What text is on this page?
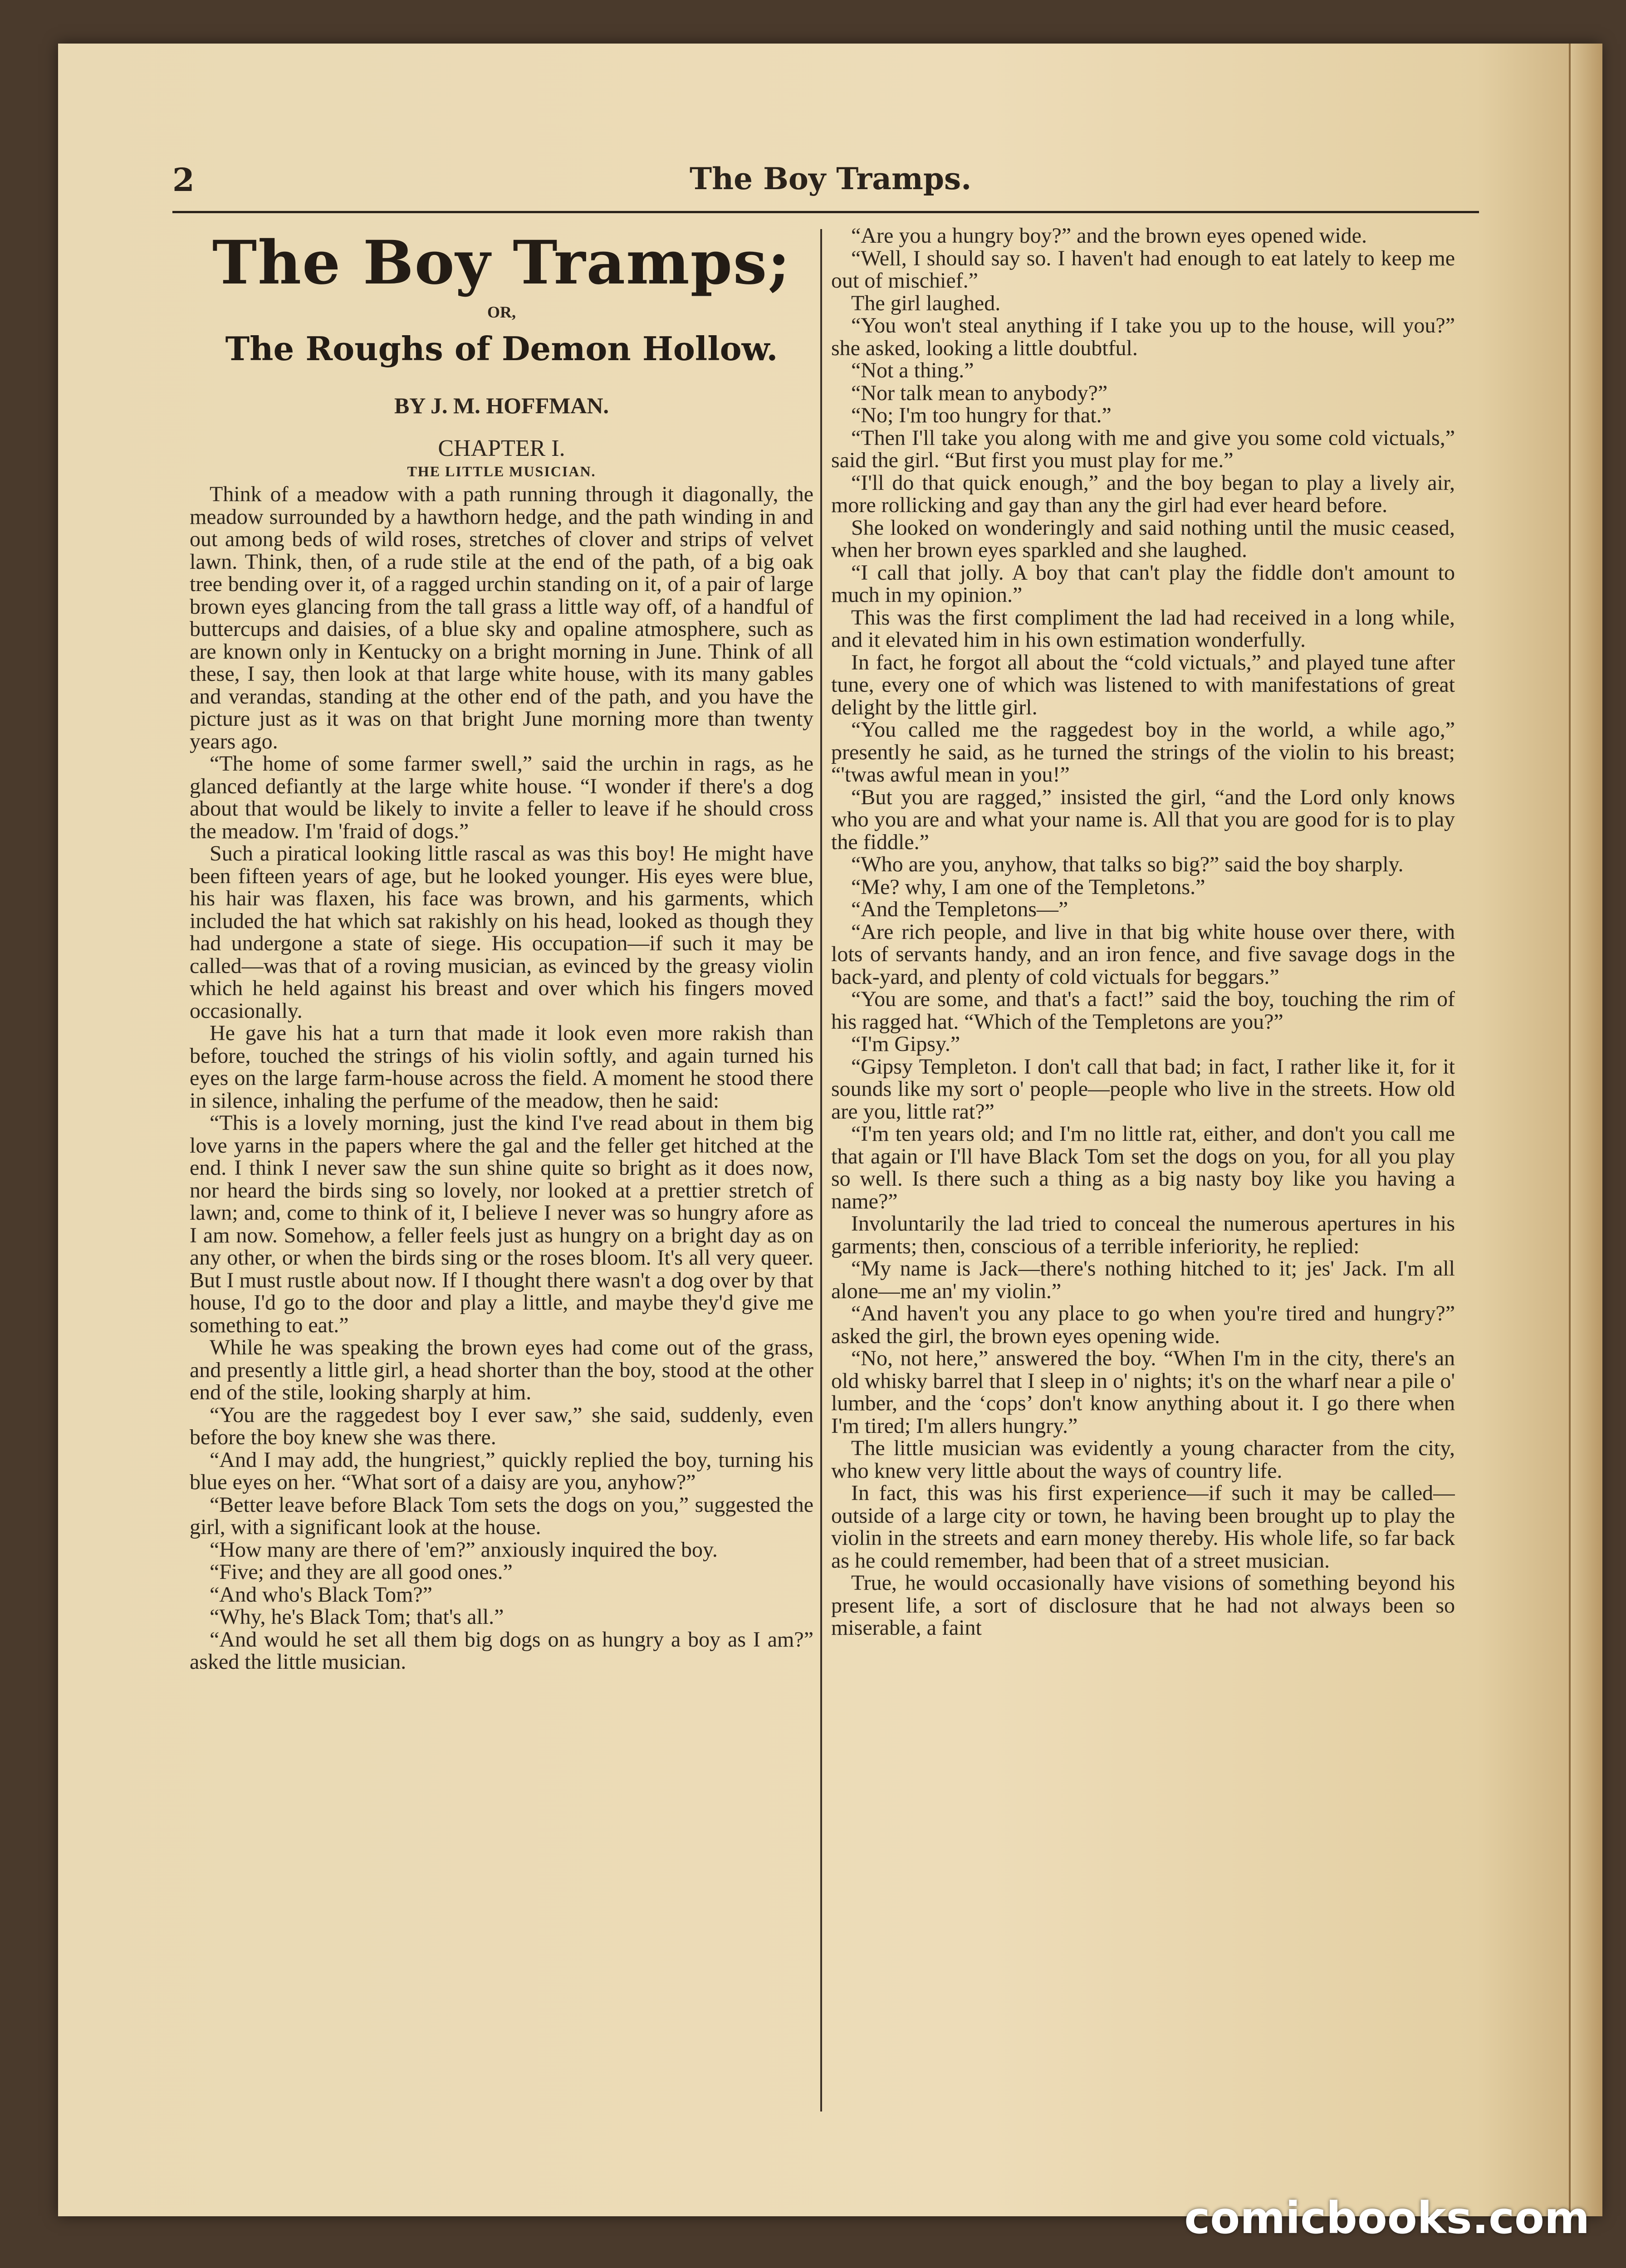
2	The Boy Tramps.
The Boy Tramps;
OR,
The Roughs of Demon Hollow.
BY J. M. HOFFMAN.
CHAPTER I.
THE LITTLE MUSICIAN.

Think of a meadow with a path running through it diagonally, the meadow surrounded by a hawthorn hedge, and the path winding in and out among beds of wild roses, stretches of clover and strips of velvet lawn. Think, then, of a rude stile at the end of the path, of a big oak tree bending over it, of a ragged urchin standing on it, of a pair of large brown eyes glancing from the tall grass a little way off, of a handful of buttercups and daisies, of a blue sky and opaline atmosphere, such as are known only in Kentucky on a bright morning in June. Think of all these, I say, then look at that large white house, with its many gables and verandas, standing at the other end of the path, and you have the picture just as it was on that bright June morning more than twenty years ago.

“The home of some farmer swell,” said the urchin in rags, as he glanced defiantly at the large white house. “I wonder if there's a dog about that would be likely to invite a feller to leave if he should cross the meadow. I'm 'fraid of dogs.”

Such a piratical looking little rascal as was this boy! He might have been fifteen years of age, but he looked younger. His eyes were blue, his hair was flaxen, his face was brown, and his garments, which included the hat which sat rakishly on his head, looked as though they had undergone a state of siege. His occupation—if such it may be called—was that of a roving musician, as evinced by the greasy violin which he held against his breast and over which his fingers moved occasionally.

He gave his hat a turn that made it look even more rakish than before, touched the strings of his violin softly, and again turned his eyes on the large farm-house across the field. A moment he stood there in silence, inhaling the perfume of the meadow, then he said:

“This is a lovely morning, just the kind I've read about in them big love yarns in the papers where the gal and the feller get hitched at the end. I think I never saw the sun shine quite so bright as it does now, nor heard the birds sing so lovely, nor looked at a prettier stretch of lawn; and, come to think of it, I believe I never was so hungry afore as I am now. Somehow, a feller feels just as hungry on a bright day as on any other, or when the birds sing or the roses bloom. It's all very queer. But I must rustle about now. If I thought there wasn't a dog over by that house, I'd go to the door and play a little, and maybe they'd give me something to eat.”

While he was speaking the brown eyes had come out of the grass, and presently a little girl, a head shorter than the boy, stood at the other end of the stile, looking sharply at him.

“You are the raggedest boy I ever saw,” she said, suddenly, even before the boy knew she was there.

“And I may add, the hungriest,” quickly replied the boy, turning his blue eyes on her. “What sort of a daisy are you, anyhow?”

“Better leave before Black Tom sets the dogs on you,” suggested the girl, with a significant look at the house.

“How many are there of 'em?” anxiously inquired the boy.

“Five; and they are all good ones.”

“And who's Black Tom?”

“Why, he's Black Tom; that's all.”

“And would he set all them big dogs on as hungry a boy as I am?” asked the little musician.

“Are you a hungry boy?” and the brown eyes opened wide.

“Well, I should say so. I haven't had enough to eat lately to keep me out of mischief.”

The girl laughed.

“You won't steal anything if I take you up to the house, will you?” she asked, looking a little doubtful.

“Not a thing.”

“Nor talk mean to anybody?”

“No; I'm too hungry for that.”

“Then I'll take you along with me and give you some cold victuals,” said the girl. “But first you must play for me.”

“I'll do that quick enough,” and the boy began to play a lively air, more rollicking and gay than any the girl had ever heard before.

She looked on wonderingly and said nothing until the music ceased, when her brown eyes sparkled and she laughed.

“I call that jolly. A boy that can't play the fiddle don't amount to much in my opinion.”

This was the first compliment the lad had received in a long while, and it elevated him in his own estimation wonderfully.

In fact, he forgot all about the “cold victuals,” and played tune after tune, every one of which was listened to with manifestations of great delight by the little girl.

“You called me the raggedest boy in the world, a while ago,” presently he said, as he turned the strings of the violin to his breast; “'twas awful mean in you!”

“But you are ragged,” insisted the girl, “and the Lord only knows who you are and what your name is. All that you are good for is to play the fiddle.”

“Who are you, anyhow, that talks so big?” said the boy sharply.

“Me? why, I am one of the Templetons.”

“And the Templetons—”

“Are rich people, and live in that big white house over there, with lots of servants handy, and an iron fence, and five savage dogs in the back-yard, and plenty of cold victuals for beggars.”

“You are some, and that's a fact!” said the boy, touching the rim of his ragged hat. “Which of the Templetons are you?”

“I'm Gipsy.”

“Gipsy Templeton. I don't call that bad; in fact, I rather like it, for it sounds like my sort o' people—people who live in the streets. How old are you, little rat?”

“I'm ten years old; and I'm no little rat, either, and don't you call me that again or I'll have Black Tom set the dogs on you, for all you play so well. Is there such a thing as a big nasty boy like you having a name?”

Involuntarily the lad tried to conceal the numerous apertures in his garments; then, conscious of a terrible inferiority, he replied:

“My name is Jack—there's nothing hitched to it; jes' Jack. I'm all alone—me an' my violin.”

“And haven't you any place to go when you're tired and hungry?” asked the girl, the brown eyes opening wide.

“No, not here,” answered the boy. “When I'm in the city, there's an old whisky barrel that I sleep in o' nights; it's on the wharf near a pile o' lumber, and the ‘cops’ don't know anything about it. I go there when I'm tired; I'm allers hungry.”

The little musician was evidently a young character from the city, who knew very little about the ways of country life.

In fact, this was his first experience—if such it may be called—outside of a large city or town, he having been brought up to play the violin in the streets and earn money thereby. His whole life, so far back as he could remember, had been that of a street musician.

True, he would occasionally have visions of something beyond his present life, a sort of disclosure that he had not always been so miserable, a faint

comicbooks.com
